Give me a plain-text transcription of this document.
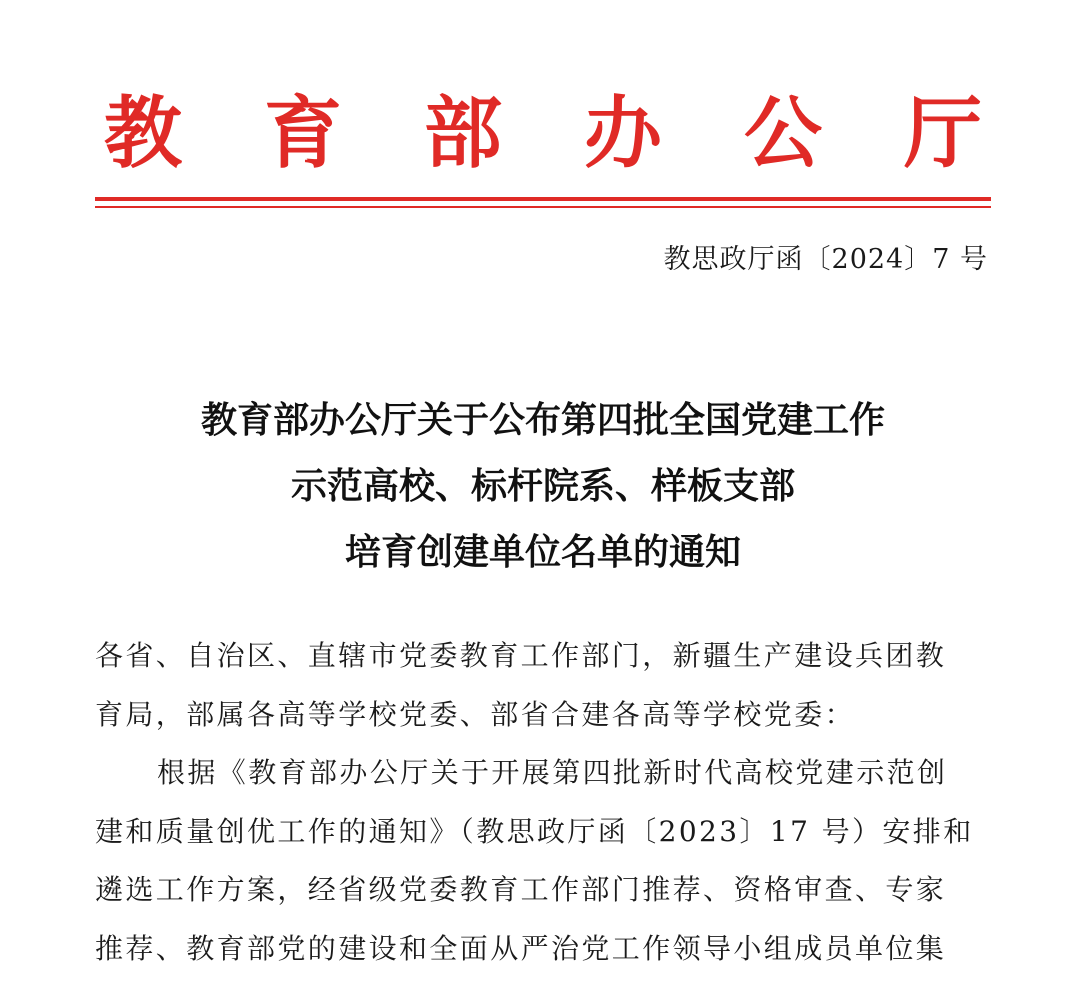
教 育 部 办 公 厅
教思政厅函〔2024〕7 号
教育部办公厅关于公布第四批全国党建工作
示范高校、标杆院系、样板支部
培育创建单位名单的通知
各省、自治区、直辖市党委教育工作部门，新疆生产建设兵团教
育局，部属各高等学校党委、部省合建各高等学校党委：
根据《教育部办公厅关于开展第四批新时代高校党建示范创
建和质量创优工作的通知》（教思政厅函〔2023〕17 号）安排和
遴选工作方案，经省级党委教育工作部门推荐、资格审查、专家
推荐、教育部党的建设和全面从严治党工作领导小组成员单位集
